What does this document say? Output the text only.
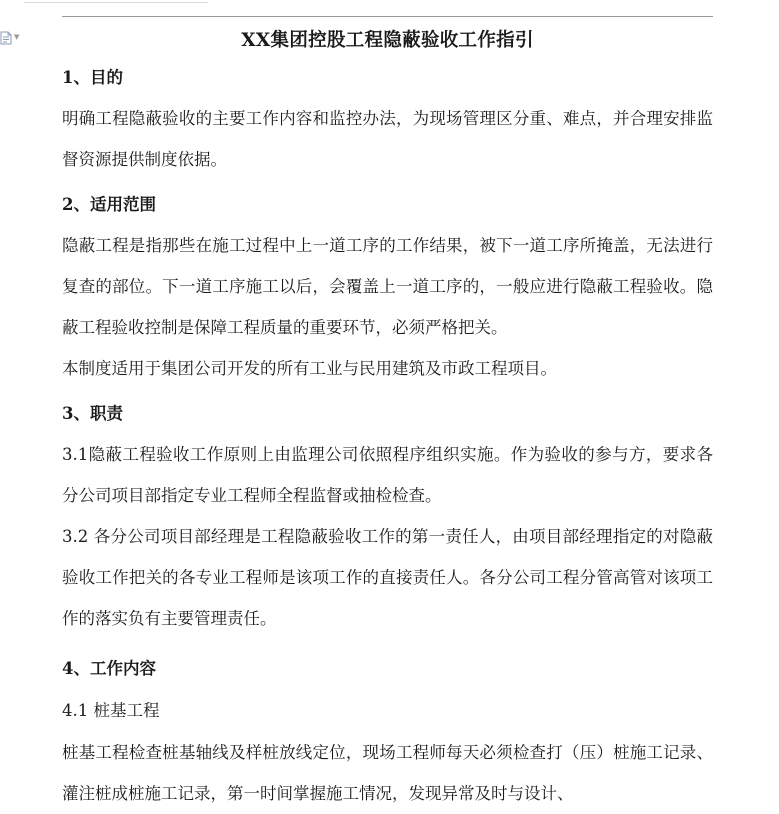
▼	XX集团控股工程隐蔽验收工作指引
1、目的

明确工程隐蔽验收的主要工作内容和监控办法，为现场管理区分重、难点，并合理安排监督资源提供制度依据。

2、适用范围

隐蔽工程是指那些在施工过程中上一道工序的工作结果，被下一道工序所掩盖，无法进行复查的部位。下一道工序施工以后，会覆盖上一道工序的，一般应进行隐蔽工程验收。隐蔽工程验收控制是保障工程质量的重要环节，必须严格把关。

本制度适用于集团公司开发的所有工业与民用建筑及市政工程项目。

3、职责

3.1隐蔽工程验收工作原则上由监理公司依照程序组织实施。作为验收的参与方，要求各分公司项目部指定专业工程师全程监督或抽检检查。

3.2 各分公司项目部经理是工程隐蔽验收工作的第一责任人，由项目部经理指定的对隐蔽验收工作把关的各专业工程师是该项工作的直接责任人。各分公司工程分管高管对该项工作的落实负有主要管理责任。

4、工作内容
4.1 桩基工程

桩基工程检查桩基轴线及样桩放线定位，现场工程师每天必须检查打（压）桩施工记录、灌注桩成桩施工记录，第一时间掌握施工情况，发现异常及时与设计、
